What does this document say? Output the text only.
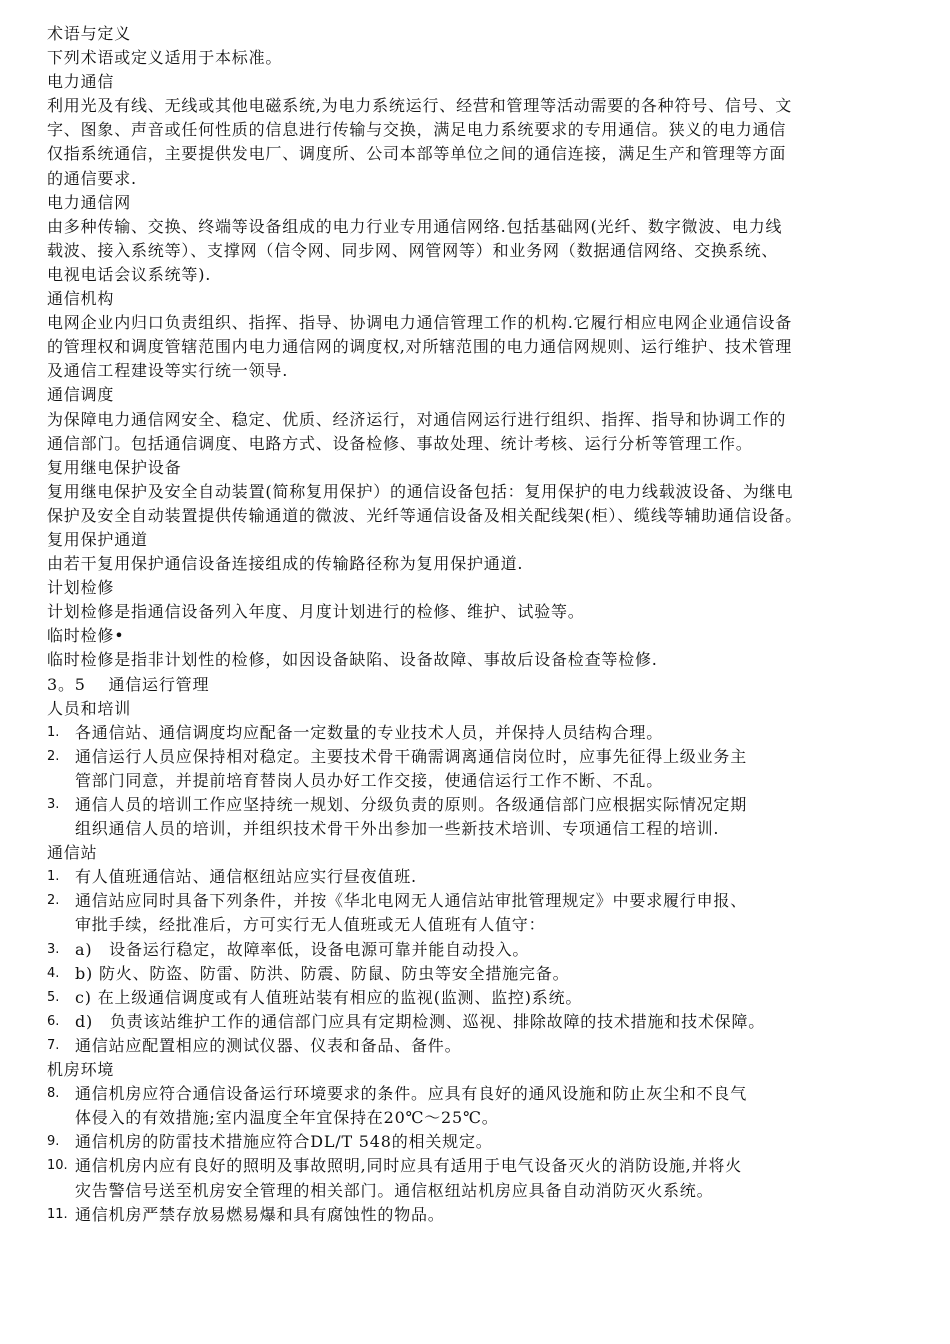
术语与定义
下列术语或定义适用于本标准。
电力通信
利用光及有线、无线或其他电磁系统,为电力系统运行、经营和管理等活动需要的各种符号、信号、文
字、图象、声音或任何性质的信息进行传输与交换，满足电力系统要求的专用通信。狭义的电力通信
仅指系统通信，主要提供发电厂、调度所、公司本部等单位之间的通信连接，满足生产和管理等方面
的通信要求.
电力通信网
由多种传输、交换、终端等设备组成的电力行业专用通信网络.包括基础网(光纤、数字微波、电力线
载波、接入系统等）、支撑网（信令网、同步网、网管网等）和业务网（数据通信网络、交换系统、
电视电话会议系统等).
通信机构
电网企业内归口负责组织、指挥、指导、协调电力通信管理工作的机构.它履行相应电网企业通信设备
的管理权和调度管辖范围内电力通信网的调度权,对所辖范围的电力通信网规则、运行维护、技术管理
及通信工程建设等实行统一领导.
通信调度
为保障电力通信网安全、稳定、优质、经济运行，对通信网运行进行组织、指挥、指导和协调工作的
通信部门。包括通信调度、电路方式、设备检修、事故处理、统计考核、运行分析等管理工作。
复用继电保护设备
复用继电保护及安全自动装置(简称复用保护）的通信设备包括：复用保护的电力线载波设备、为继电
保护及安全自动装置提供传输通道的微波、光纤等通信设备及相关配线架(柜）、缆线等辅助通信设备。
复用保护通道
由若干复用保护通信设备连接组成的传输路径称为复用保护通道.
计划检修
计划检修是指通信设备列入年度、月度计划进行的检修、维护、试验等。
临时检修•
临时检修是指非计划性的检修，如因设备缺陷、设备故障、事故后设备检查等检修.
3。5　 通信运行管理
人员和培训
1. 各通信站、通信调度均应配备一定数量的专业技术人员，并保持人员结构合理。
2. 通信运行人员应保持相对稳定。主要技术骨干确需调离通信岗位时，应事先征得上级业务主
管部门同意，并提前培育替岗人员办好工作交接，使通信运行工作不断、不乱。
3. 通信人员的培训工作应坚持统一规划、分级负责的原则。各级通信部门应根据实际情况定期
组织通信人员的培训，并组织技术骨干外出参加一些新技术培训、专项通信工程的培训.
通信站
1. 有人值班通信站、通信枢纽站应实行昼夜值班.
2. 通信站应同时具备下列条件，并按《华北电网无人通信站审批管理规定》中要求履行申报、
审批手续，经批准后，方可实行无人值班或无人值班有人值守：
3. a)　设备运行稳定，故障率低，设备电源可靠并能自动投入。
4. b) 防火、防盗、防雷、防洪、防震、防鼠、防虫等安全措施完备。
5. c) 在上级通信调度或有人值班站装有相应的监视(监测、监控)系统。
6. d)　负责该站维护工作的通信部门应具有定期检测、巡视、排除故障的技术措施和技术保障。
7. 通信站应配置相应的测试仪器、仪表和备品、备件。
机房环境
8. 通信机房应符合通信设备运行环境要求的条件。应具有良好的通风设施和防止灰尘和不良气
体侵入的有效措施;室内温度全年宜保持在20℃～25℃。
9. 通信机房的防雷技术措施应符合DL/T 548的相关规定。
10. 通信机房内应有良好的照明及事故照明,同时应具有适用于电气设备灭火的消防设施,并将火
灾告警信号送至机房安全管理的相关部门。通信枢纽站机房应具备自动消防灭火系统。
11. 通信机房严禁存放易燃易爆和具有腐蚀性的物品。
